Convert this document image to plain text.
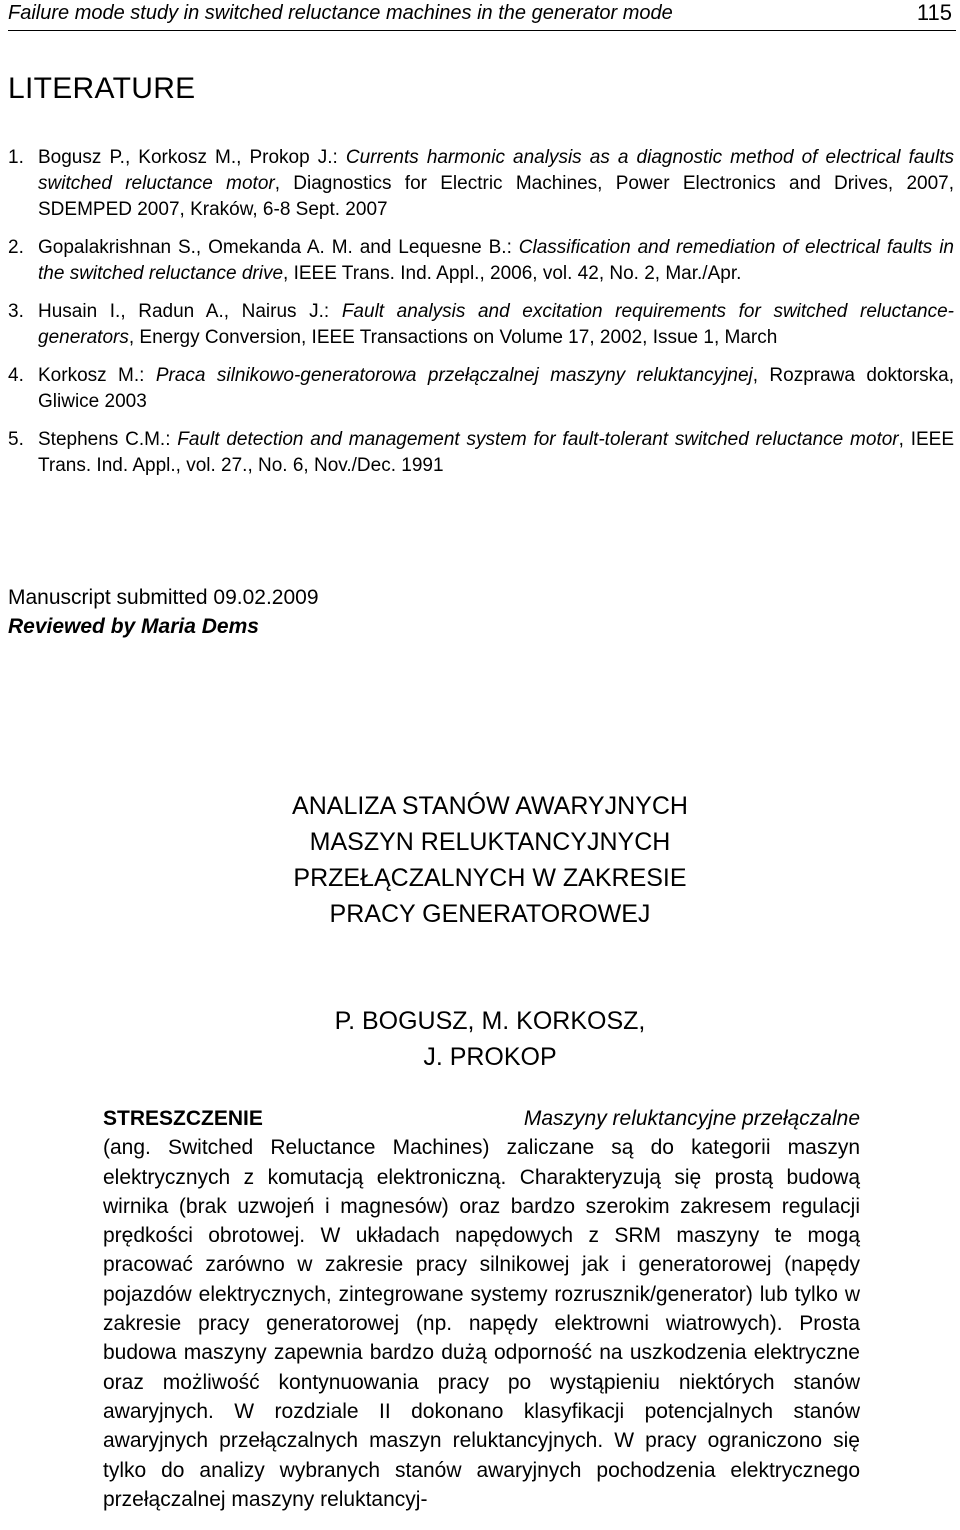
Failure mode study in switched reluctance machines in the generator mode	115
LITERATURE
1. Bogusz P., Korkosz M., Prokop J.: Currents harmonic analysis as a diagnostic method of electrical faults switched reluctance motor, Diagnostics for Electric Machines, Power Electronics and Drives, 2007, SDEMPED 2007, Kraków, 6-8 Sept. 2007
2. Gopalakrishnan S., Omekanda A. M. and Lequesne B.: Classification and remediation of electrical faults in the switched reluctance drive, IEEE Trans. Ind. Appl., 2006, vol. 42, No. 2, Mar./Apr.
3. Husain I., Radun A., Nairus J.: Fault analysis and excitation requirements for switched reluctance-generators, Energy Conversion, IEEE Transactions on Volume 17, 2002, Issue 1, March
4. Korkosz M.: Praca silnikowo-generatorowa przełączalnej maszyny reluktancyjnej, Rozprawa doktorska, Gliwice 2003
5. Stephens C.M.: Fault detection and management system for fault-tolerant switched reluctance motor, IEEE Trans. Ind. Appl., vol. 27., No. 6, Nov./Dec. 1991
Manuscript submitted 09.02.2009
Reviewed by Maria Dems
ANALIZA STANÓW AWARYJNYCH
MASZYN RELUKTANCYJNYCH
PRZEŁĄCZALNYCH W ZAKRESIE
PRACY GENERATOROWEJ
P. BOGUSZ, M. KORKOSZ,
J. PROKOP
STRESZCZENIE	Maszyny reluktancyjne przełączalne
(ang. Switched Reluctance Machines) zaliczane są do kategorii maszyn elektrycznych z komutacją elektroniczną. Charakteryzują się prostą budową wirnika (brak uzwojeń i magnesów) oraz bardzo szerokim zakresem regulacji prędkości obrotowej. W układach napędowych z SRM maszyny te mogą pracować zarówno w zakresie pracy silnikowej jak i generatorowej (napędy pojazdów elektrycznych, zintegrowane systemy rozrusznik/generator) lub tylko w zakresie pracy generatorowej (np. napędy elektrowni wiatrowych). Prosta budowa maszyny zapewnia bardzo dużą odporność na uszkodzenia elektryczne oraz możliwość kontynuowania pracy po wystąpieniu niektórych stanów awaryjnych. W rozdziale II dokonano klasyfikacji potencjalnych stanów awaryjnych przełączalnych maszyn reluktancyjnych. W pracy ograniczono się tylko do analizy wybranych stanów awaryjnych pochodzenia elektrycznego przełączalnej maszyny reluktancyj-
